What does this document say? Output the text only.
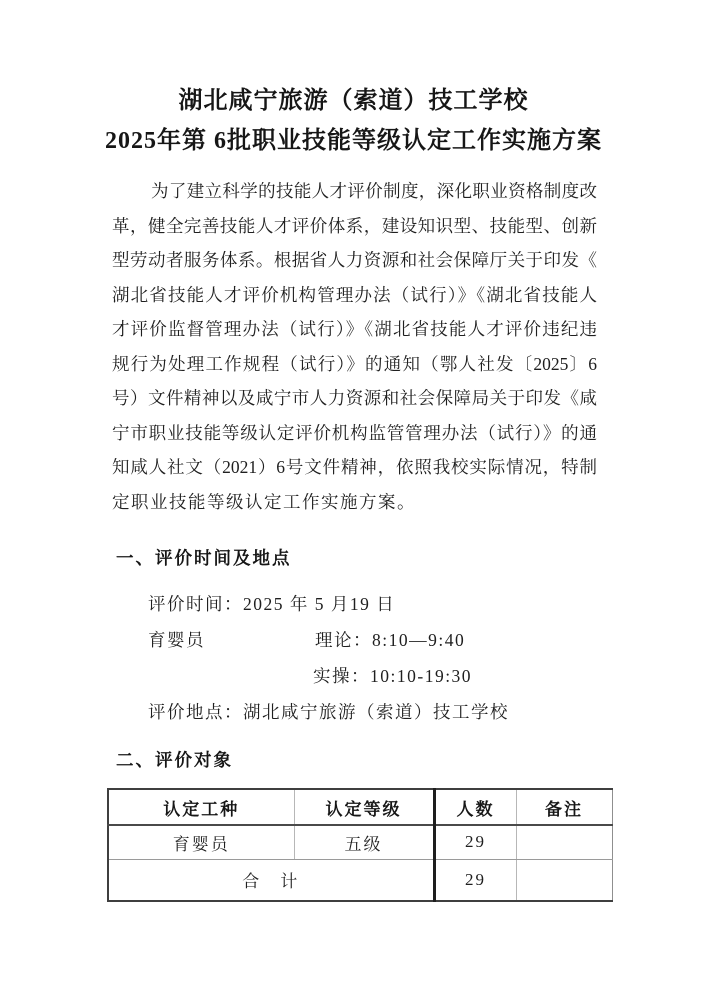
湖北咸宁旅游（索道）技工学校
2025年第 6批职业技能等级认定工作实施方案
为了建立科学的技能人才评价制度，深化职业资格制度改
革，健全完善技能人才评价体系，建设知识型、技能型、创新
型劳动者服务体系。根据省人力资源和社会保障厅关于印发《
湖北省技能人才评价机构管理办法（试行）》《湖北省技能人
才评价监督管理办法（试行）》《湖北省技能人才评价违纪违
规行为处理工作规程（试行）》的通知（鄂人社发〔2025〕6
号）文件精神以及咸宁市人力资源和社会保障局关于印发《咸
宁市职业技能等级认定评价机构监管管理办法（试行）》的通
知咸人社文（2021）6号文件精神，依照我校实际情况，特制
定职业技能等级认定工作实施方案。
一、评价时间及地点
评价时间：2025 年 5 月19 日
育婴员	理论：8:10—9:40
实操：10:10-19:30
评价地点：湖北咸宁旅游（索道）技工学校
二、评价对象
认定工种	认定等级	人数	备注
育婴员	五级	29	
合　计		29	
